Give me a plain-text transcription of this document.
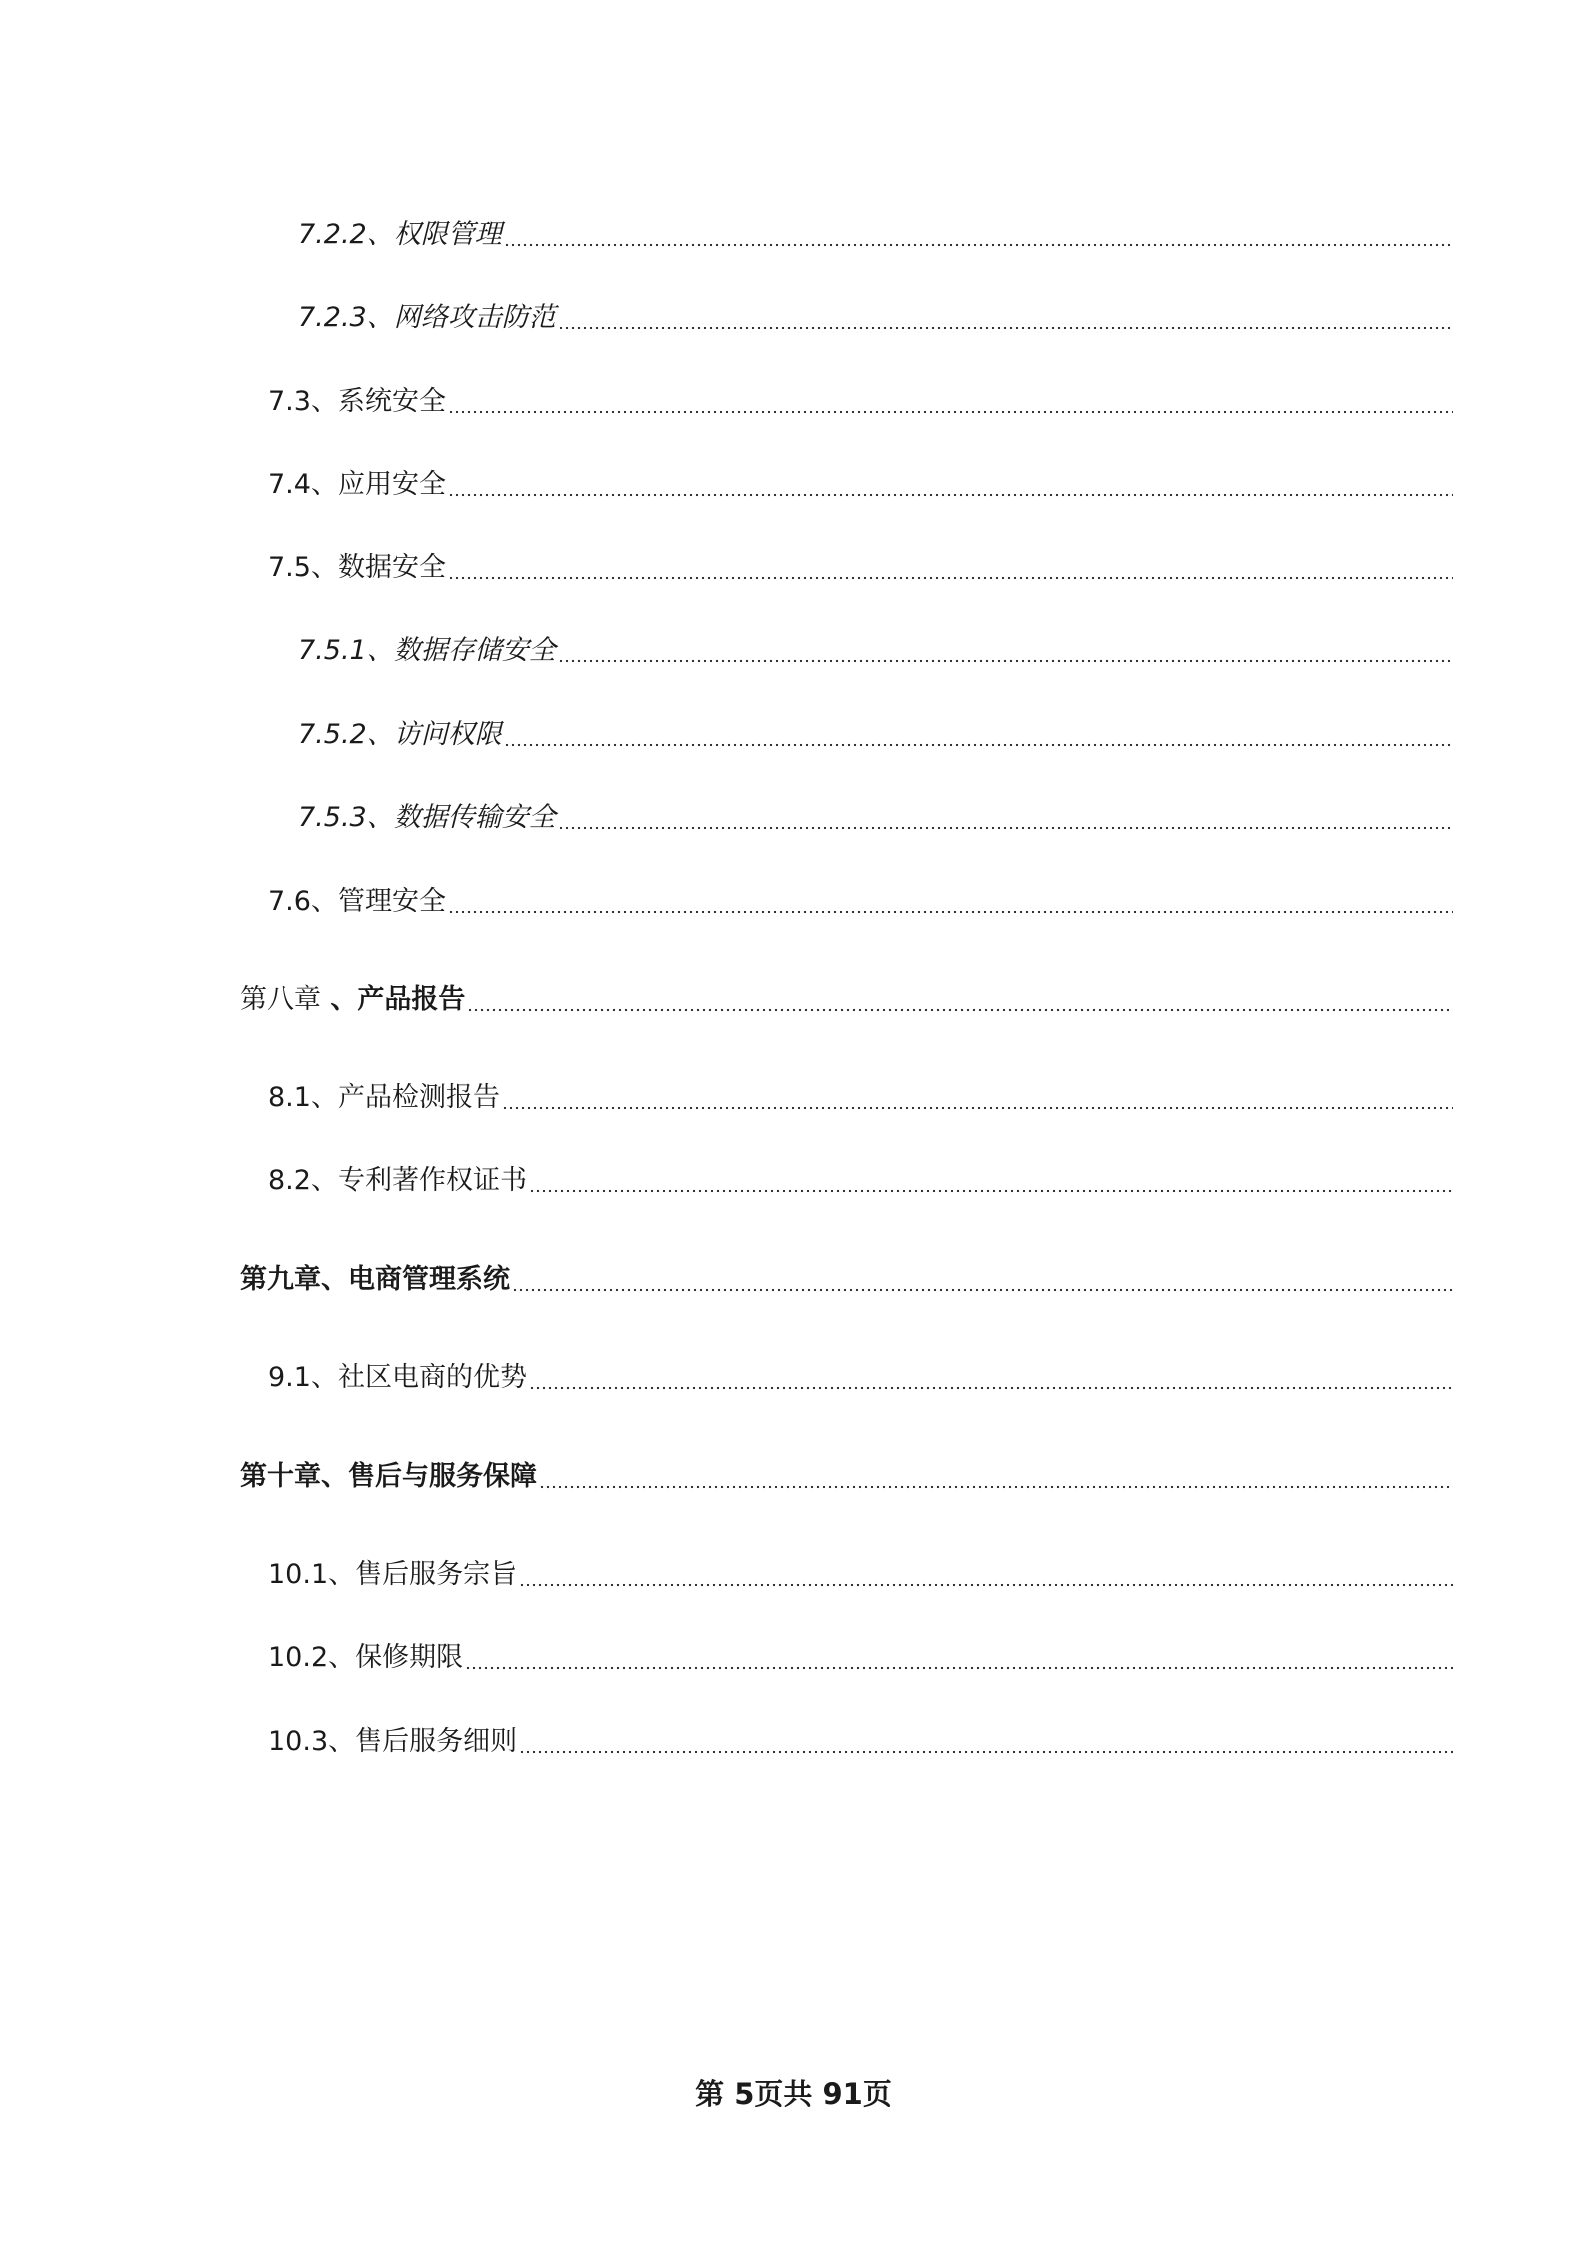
7.2.2 、 权限管理
7.2.3 、 网络攻击防范
7.3 、 系统安全
7.4 、 应用安全
7.5 、 数据安全
7.5.1 、 数据存储安全
7.5.2 、 访问权限
7.5.3 、 数据传输安全
7.6 、 管理安全
第八章 、 产品报告
8.1 、 产品检测报告
8.2 、 专利著作权证书
第九章 、 电商管理系统
9.1 、 社区电商的优势
第十章 、 售后与服务保障
10.1 、 售后服务宗旨
10.2 、 保修期限
10.3 、 售后服务细则
第 5页共 91页
